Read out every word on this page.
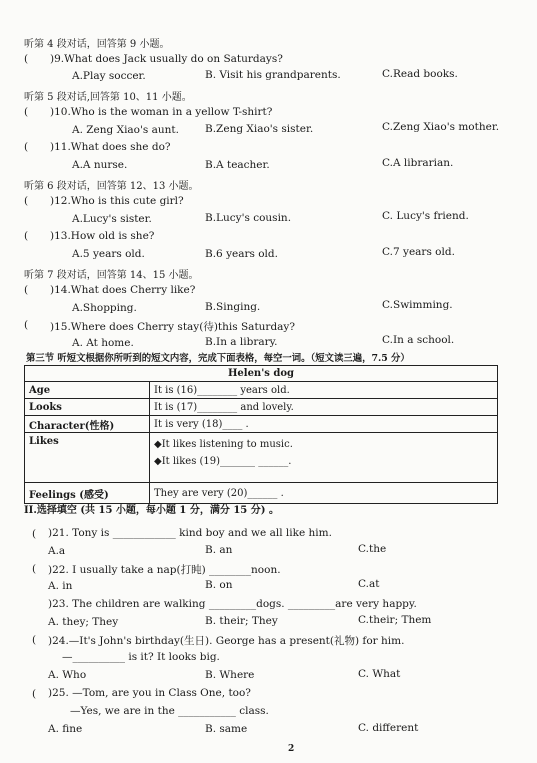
听第 4 段对话，回答第 9 小题。
( )9.What does Jack usually do on Saturdays?
A.Play soccer.	B. Visit his grandparents.	C.Read books.
听第 5 段对话,回答第 10、11 小题。
( )10.Who is the woman in a yellow T-shirt?
A. Zeng Xiao's aunt. B.Zeng Xiao's sister.	C.Zeng Xiao's mother.
( )11.What does she do?
A.A nurse.	B.A teacher.	C.A librarian.
听第 6 段对话，回答第 12、13 小题。
( )12.Who is this cute girl?
A.Lucy's sister.	B.Lucy's cousin.	C. Lucy's friend.
( )13.How old is she?
A.5 years old.	B.6 years old.	C.7 years old.
听第 7 段对话，回答第 14、15 小题。
( )14.What does Cherry like?
A.Shopping.	B.Singing.	C.Swimming.
( )15.Where does Cherry stay(待)this Saturday?
A. At home.	B.In a library.	C.In a school.
第三节 听短文根据你所听到的短文内容，完成下面表格，每空一词。（短文读三遍，7.5 分）
Helen's dog	
Age	It is (16)________ years old.
Looks	It is (17)________ and lovely.
Character(性格)	It is very (18)____ .
Likes	◆It likes listening to music.
◆It likes (19)_______ ______.

Feelings (感受)	They are very (20)______ .
II.选择填空 (共 15 小题，每小题 1 分，满分 15 分) 。
( )21. Tony is ____________ kind boy and we all like him.
A.a	B. an	C.the
( )22. I usually take a nap(打盹) ________noon.
A. in	B. on	C.at
)23. The children are walking _________dogs. _________are very happy.
A. they; They	B. their; They	C.their; Them
( )24.—It's John's birthday(生日). George has a present(礼物) for him.
—__________ is it? It looks big.
A. Who	B. Where	C. What
( )25. —Tom, are you in Class One, too?
—Yes, we are in the ___________ class.
A. fine	B. same	C. different
2
